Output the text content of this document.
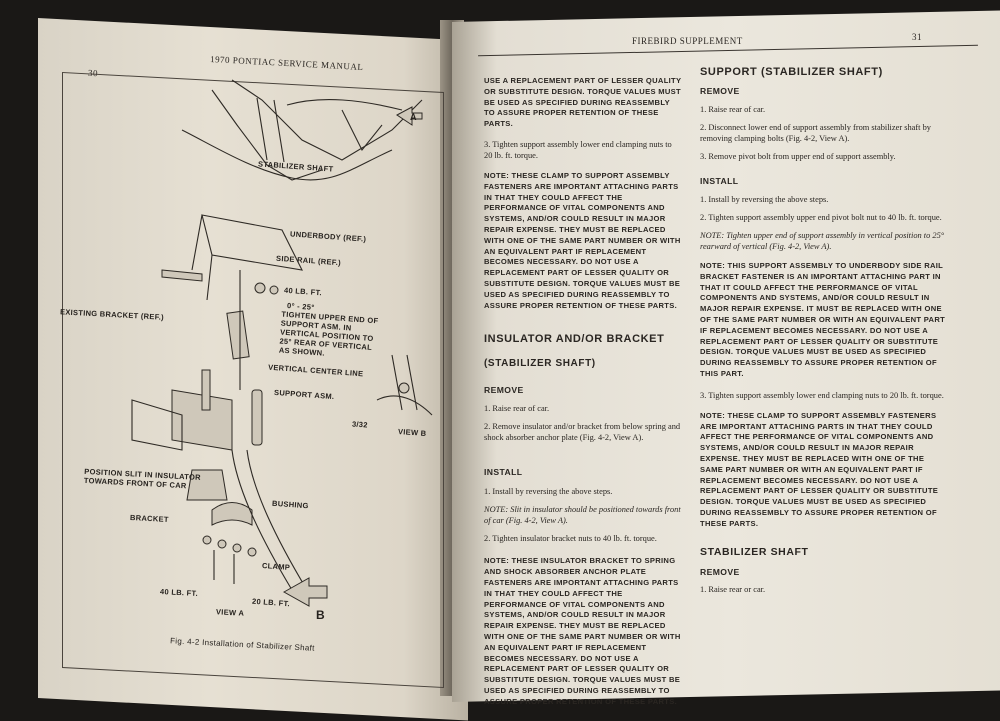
30
1970 PONTIAC SERVICE MANUAL
STABILIZER SHAFT
UNDERBODY (REF.)
SIDE RAIL (REF.)
40 LB. FT.
EXISTING BRACKET (REF.)
0° - 25°
TIGHTEN UPPER END OF SUPPORT ASM. IN VERTICAL POSITION TO 25° REAR OF VERTICAL AS SHOWN.
VERTICAL CENTER LINE
SUPPORT ASM.
3/32
VIEW B
POSITION SLIT IN INSULATOR TOWARDS FRONT OF CAR
BUSHING
BRACKET
CLAMP
40 LB. FT.
20 LB. FT.
VIEW A
A
B
Fig. 4-2 Installation of Stabilizer Shaft
FIREBIRD SUPPLEMENT	31

USE A REPLACEMENT PART OF LESSER QUALITY OR SUBSTITUTE DESIGN. TORQUE VALUES MUST BE USED AS SPECIFIED DURING REASSEMBLY TO ASSURE PROPER RETENTION OF THESE PARTS.

3. Tighten support assembly lower end clamping nuts to 20 lb. ft. torque.

NOTE: THESE CLAMP TO SUPPORT ASSEMBLY FASTENERS ARE IMPORTANT ATTACHING PARTS IN THAT THEY COULD AFFECT THE PERFORMANCE OF VITAL COMPONENTS AND SYSTEMS, AND/OR COULD RESULT IN MAJOR REPAIR EXPENSE. THEY MUST BE REPLACED WITH ONE OF THE SAME PART NUMBER OR WITH AN EQUIVALENT PART IF REPLACEMENT BECOMES NECESSARY. DO NOT USE A REPLACEMENT PART OF LESSER QUALITY OR SUBSTITUTE DESIGN. TORQUE VALUES MUST BE USED AS SPECIFIED DURING REASSEMBLY TO ASSURE PROPER RETENTION OF THESE PARTS.

INSULATOR AND/OR BRACKET

(STABILIZER SHAFT)

REMOVE

1. Raise rear of car.

2. Remove insulator and/or bracket from below spring and shock absorber anchor plate (Fig. 4-2, View A).

INSTALL

1. Install by reversing the above steps.

NOTE: Slit in insulator should be positioned towards front of car (Fig. 4-2, View A).

2. Tighten insulator bracket nuts to 40 lb. ft. torque.

NOTE: THESE INSULATOR BRACKET TO SPRING AND SHOCK ABSORBER ANCHOR PLATE FASTENERS ARE IMPORTANT ATTACHING PARTS IN THAT THEY COULD AFFECT THE PERFORMANCE OF VITAL COMPONENTS AND SYSTEMS, AND/OR COULD RESULT IN MAJOR REPAIR EXPENSE. THEY MUST BE REPLACED WITH ONE OF THE SAME PART NUMBER OR WITH AN EQUIVALENT PART IF REPLACEMENT BECOMES NECESSARY. DO NOT USE A REPLACEMENT PART OF LESSER QUALITY OR SUBSTITUTE DESIGN. TORQUE VALUES MUST BE USED AS SPECIFIED DURING REASSEMBLY TO ASSURE PROPER RETENTION OF THESE PARTS.

SUPPORT (STABILIZER SHAFT)

REMOVE

1. Raise rear of car.

2. Disconnect lower end of support assembly from stabilizer shaft by removing clamping bolts (Fig. 4-2, View A).

3. Remove pivot bolt from upper end of support assembly.

INSTALL

1. Install by reversing the above steps.

2. Tighten support assembly upper end pivot bolt nut to 40 lb. ft. torque.

NOTE: Tighten upper end of support assembly in vertical position to 25° rearward of vertical (Fig. 4-2, View A).

NOTE: THIS SUPPORT ASSEMBLY TO UNDERBODY SIDE RAIL BRACKET FASTENER IS AN IMPORTANT ATTACHING PART IN THAT IT COULD AFFECT THE PERFORMANCE OF VITAL COMPONENTS AND SYSTEMS, AND/OR COULD RESULT IN MAJOR REPAIR EXPENSE. IT MUST BE REPLACED WITH ONE OF THE SAME PART NUMBER OR WITH AN EQUIVALENT PART IF REPLACEMENT BECOMES NECESSARY. DO NOT USE A REPLACEMENT PART OF LESSER QUALITY OR SUBSTITUTE DESIGN. TORQUE VALUES MUST BE USED AS SPECIFIED DURING REASSEMBLY TO ASSURE PROPER RETENTION OF THIS PART.

3. Tighten support assembly lower end clamping nuts to 20 lb. ft. torque.

NOTE: THESE CLAMP TO SUPPORT ASSEMBLY FASTENERS ARE IMPORTANT ATTACHING PARTS IN THAT THEY COULD AFFECT THE PERFORMANCE OF VITAL COMPONENTS AND SYSTEMS, AND/OR COULD RESULT IN MAJOR REPAIR EXPENSE. THEY MUST BE REPLACED WITH ONE OF THE SAME PART NUMBER OR WITH AN EQUIVALENT PART IF REPLACEMENT BECOMES NECESSARY. DO NOT USE A REPLACEMENT PART OF LESSER QUALITY OR SUBSTITUTE DESIGN. TORQUE VALUES MUST BE USED AS SPECIFIED DURING REASSEMBLY TO ASSURE PROPER RETENTION OF THESE PARTS.

STABILIZER SHAFT

REMOVE

1. Raise rear or car.
